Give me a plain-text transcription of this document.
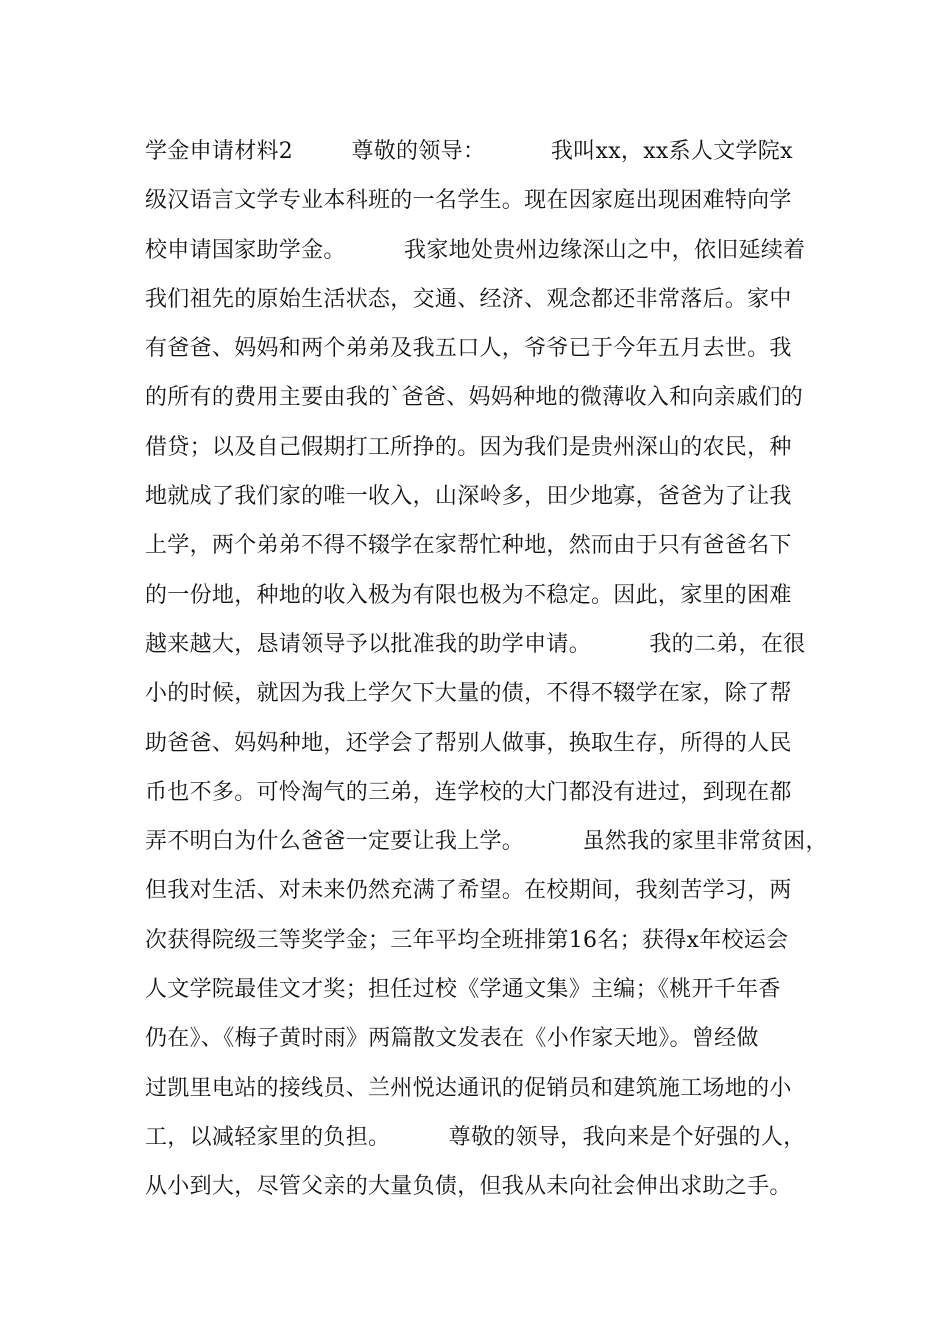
学金申请材料2        尊敬的领导：         我叫xx，xx系人文学院x
级汉语言文学专业本科班的一名学生。现在因家庭出现困难特向学
校申请国家助学金。        我家地处贵州边缘深山之中，依旧延续着
我们祖先的原始生活状态，交通、经济、观念都还非常落后。家中
有爸爸、妈妈和两个弟弟及我五口人，爷爷已于今年五月去世。我
的所有的费用主要由我的`爸爸、妈妈种地的微薄收入和向亲戚们的
借贷；以及自己假期打工所挣的。因为我们是贵州深山的农民，种
地就成了我们家的唯一收入，山深岭多，田少地寡，爸爸为了让我
上学，两个弟弟不得不辍学在家帮忙种地，然而由于只有爸爸名下
的一份地，种地的收入极为有限也极为不稳定。因此，家里的困难
越来越大，恳请领导予以批准我的助学申请。        我的二弟，在很
小的时候，就因为我上学欠下大量的债，不得不辍学在家，除了帮
助爸爸、妈妈种地，还学会了帮别人做事，换取生存，所得的人民
币也不多。可怜淘气的三弟，连学校的大门都没有进过，到现在都
弄不明白为什么爸爸一定要让我上学。        虽然我的家里非常贫困，
但我对生活、对未来仍然充满了希望。在校期间，我刻苦学习，两
次获得院级三等奖学金；三年平均全班排第16名；获得x年校运会
人文学院最佳文才奖；担任过校《学通文集》主编；《桃开千年香
仍在》、《梅子黄时雨》两篇散文发表在《小作家天地》。曾经做
过凯里电站的接线员、兰州悦达通讯的促销员和建筑施工场地的小
工，以减轻家里的负担。        尊敬的领导，我向来是个好强的人，
从小到大，尽管父亲的大量负债，但我从未向社会伸出求助之手。
